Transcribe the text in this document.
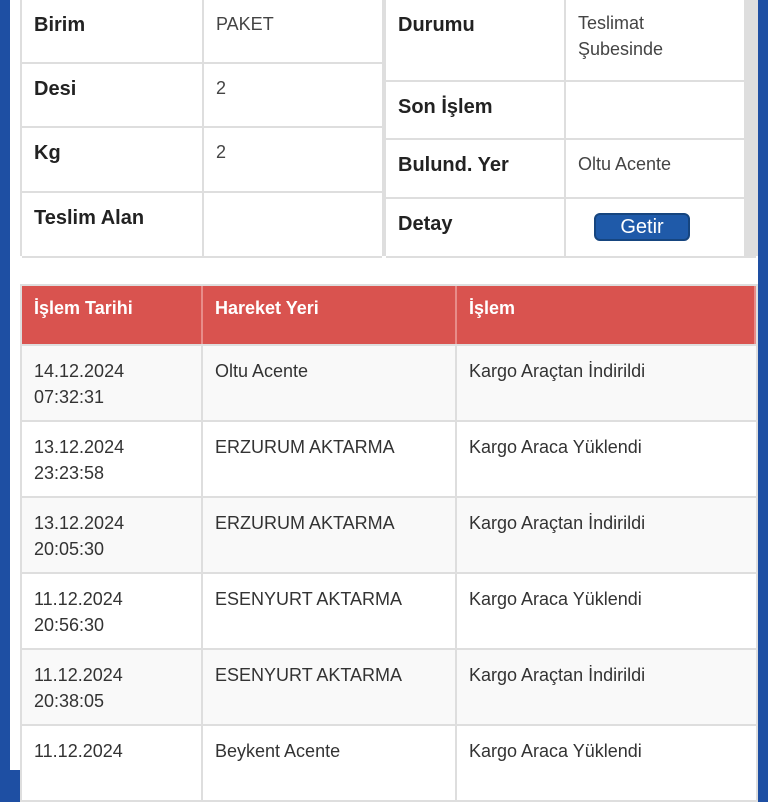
Birim	PAKET
Desi	2
Kg	2
Teslim Alan
Durumu	Teslimat Şubesinde
Son İşlem
Bulund. Yer	Oltu Acente
Detay	Getir
İşlem Tarihi	Hareket Yeri	İşlem
14.12.2024
07:32:31
Oltu Acente	Kargo Araçtan İndirildi
13.12.2024
23:23:58
ERZURUM AKTARMA	Kargo Araca Yüklendi
13.12.2024
20:05:30
ERZURUM AKTARMA	Kargo Araçtan İndirildi
11.12.2024
20:56:30
ESENYURT AKTARMA	Kargo Araca Yüklendi
11.12.2024
20:38:05
ESENYURT AKTARMA	Kargo Araçtan İndirildi
11.12.2024	Beykent Acente	Kargo Araca Yüklendi
